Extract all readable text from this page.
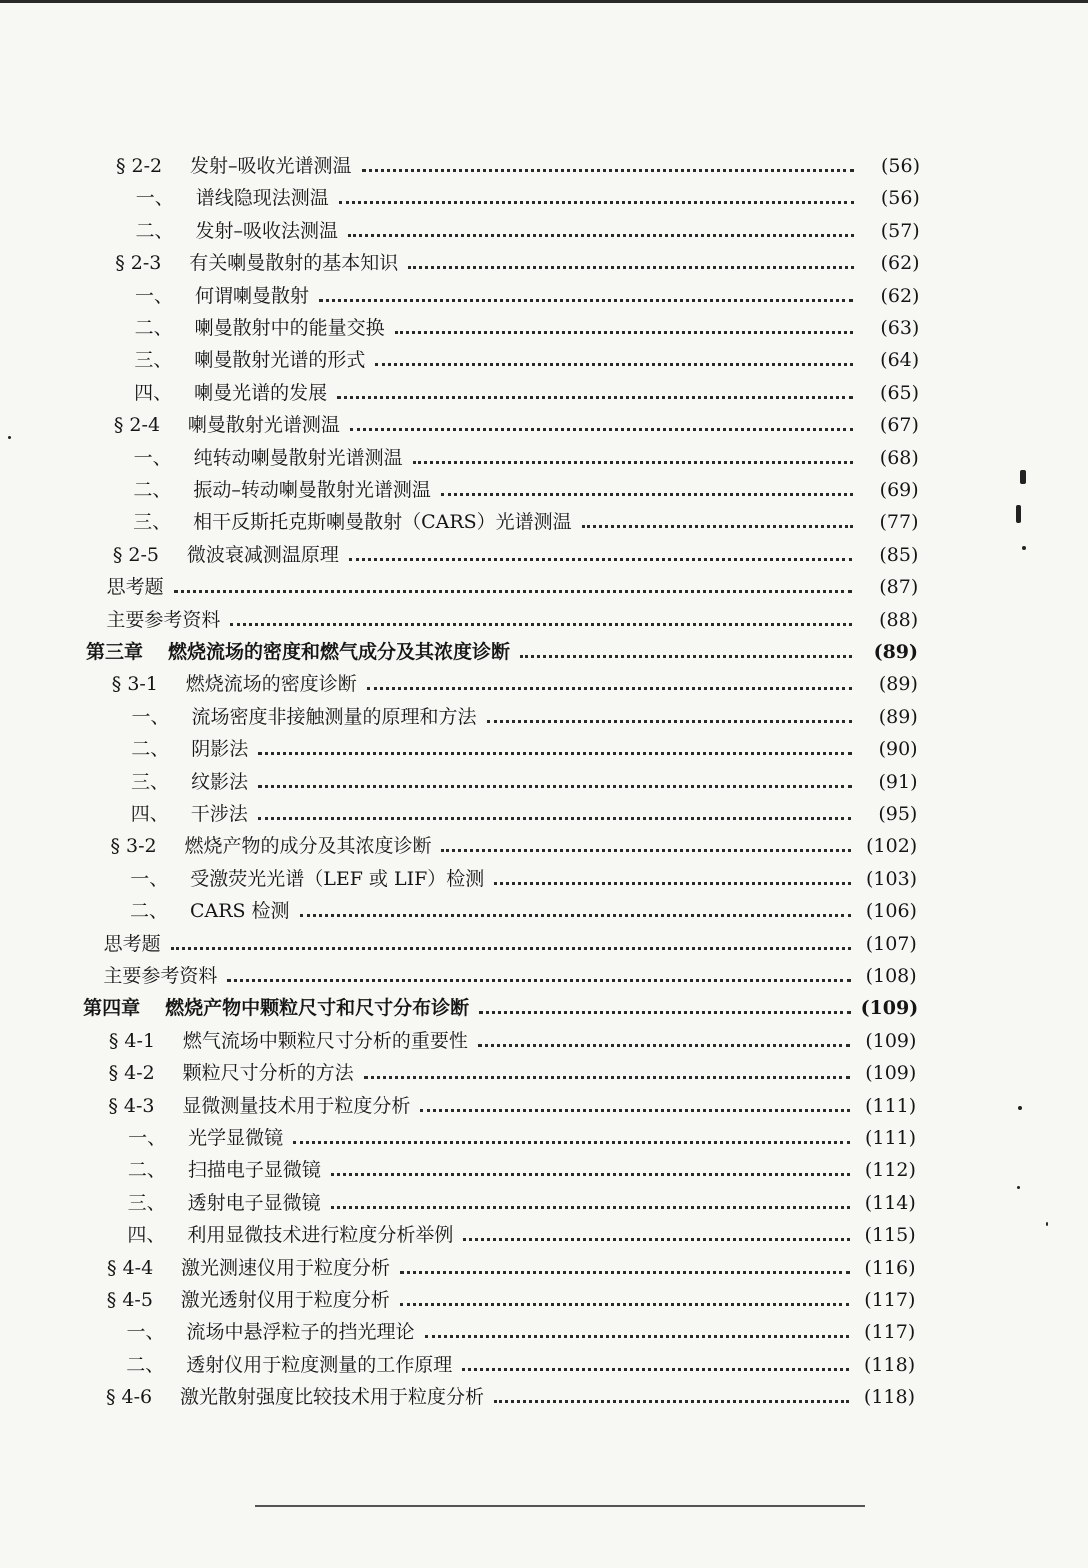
§ 2-2	发射–吸收光谱测温	(56)
一、	谱线隐现法测温	(56)
二、	发射–吸收法测温	(57)
§ 2-3	有关喇曼散射的基本知识	(62)
一、	何谓喇曼散射	(62)
二、	喇曼散射中的能量交换	(63)
三、	喇曼散射光谱的形式	(64)
四、	喇曼光谱的发展	(65)
§ 2-4	喇曼散射光谱测温	(67)
一、	纯转动喇曼散射光谱测温	(68)
二、	振动–转动喇曼散射光谱测温	(69)
三、	相干反斯托克斯喇曼散射（CARS）光谱测温	(77)
§ 2-5	微波衰减测温原理	(85)
思考题	(87)
主要参考资料	(88)
第三章	燃烧流场的密度和燃气成分及其浓度诊断	(89)
§ 3-1	燃烧流场的密度诊断	(89)
一、	流场密度非接触测量的原理和方法	(89)
二、	阴影法	(90)
三、	纹影法	(91)
四、	干涉法	(95)
§ 3-2	燃烧产物的成分及其浓度诊断	(102)
一、	受激荧光光谱（LEF 或 LIF）检测	(103)
二、	CARS 检测	(106)
思考题	(107)
主要参考资料	(108)
第四章	燃烧产物中颗粒尺寸和尺寸分布诊断	(109)
§ 4-1	燃气流场中颗粒尺寸分析的重要性	(109)
§ 4-2	颗粒尺寸分析的方法	(109)
§ 4-3	显微测量技术用于粒度分析	(111)
一、	光学显微镜	(111)
二、	扫描电子显微镜	(112)
三、	透射电子显微镜	(114)
四、	利用显微技术进行粒度分析举例	(115)
§ 4-4	激光测速仪用于粒度分析	(116)
§ 4-5	激光透射仪用于粒度分析	(117)
一、	流场中悬浮粒子的挡光理论	(117)
二、	透射仪用于粒度测量的工作原理	(118)
§ 4-6	激光散射强度比较技术用于粒度分析	(118)
